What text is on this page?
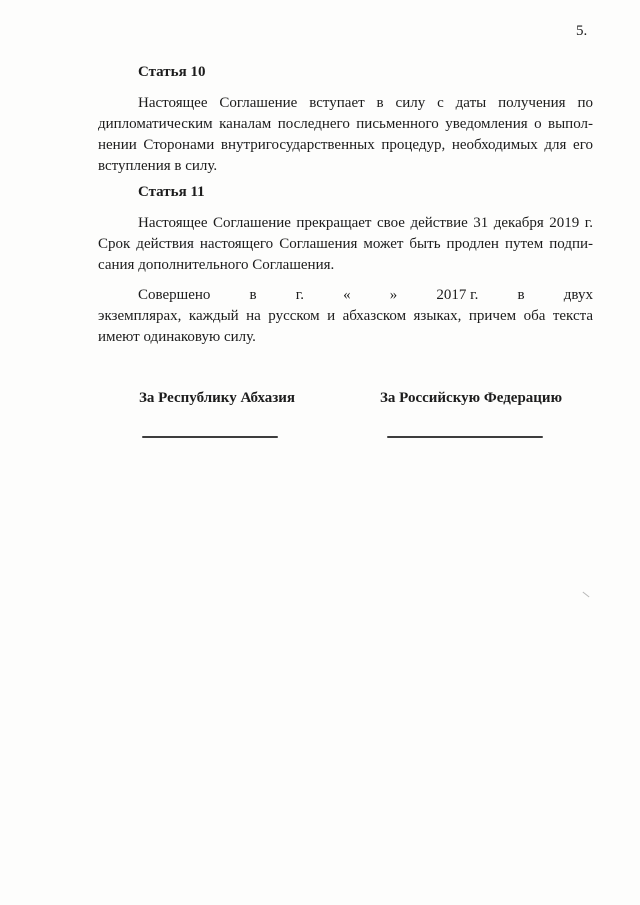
5.
Статья 10
Настоящее Соглашение вступает в силу с даты получения по
дипломатическим каналам последнего письменного уведомления о выпол-
нении Сторонами внутригосударственных процедур, необходимых для его
вступления в силу.
Статья 11
Настоящее Соглашение прекращает свое действие 31 декабря 2019 г.
Срок действия настоящего Соглашения может быть продлен путем подпи-
сания дополнительного Соглашения.
Совершено	в	г.	«	»	2017 г.	в	двух
экземплярах, каждый на русском и абхазском языках, причем оба текста
имеют одинаковую силу.
За Республику Абхазия	За Российскую Федерацию
